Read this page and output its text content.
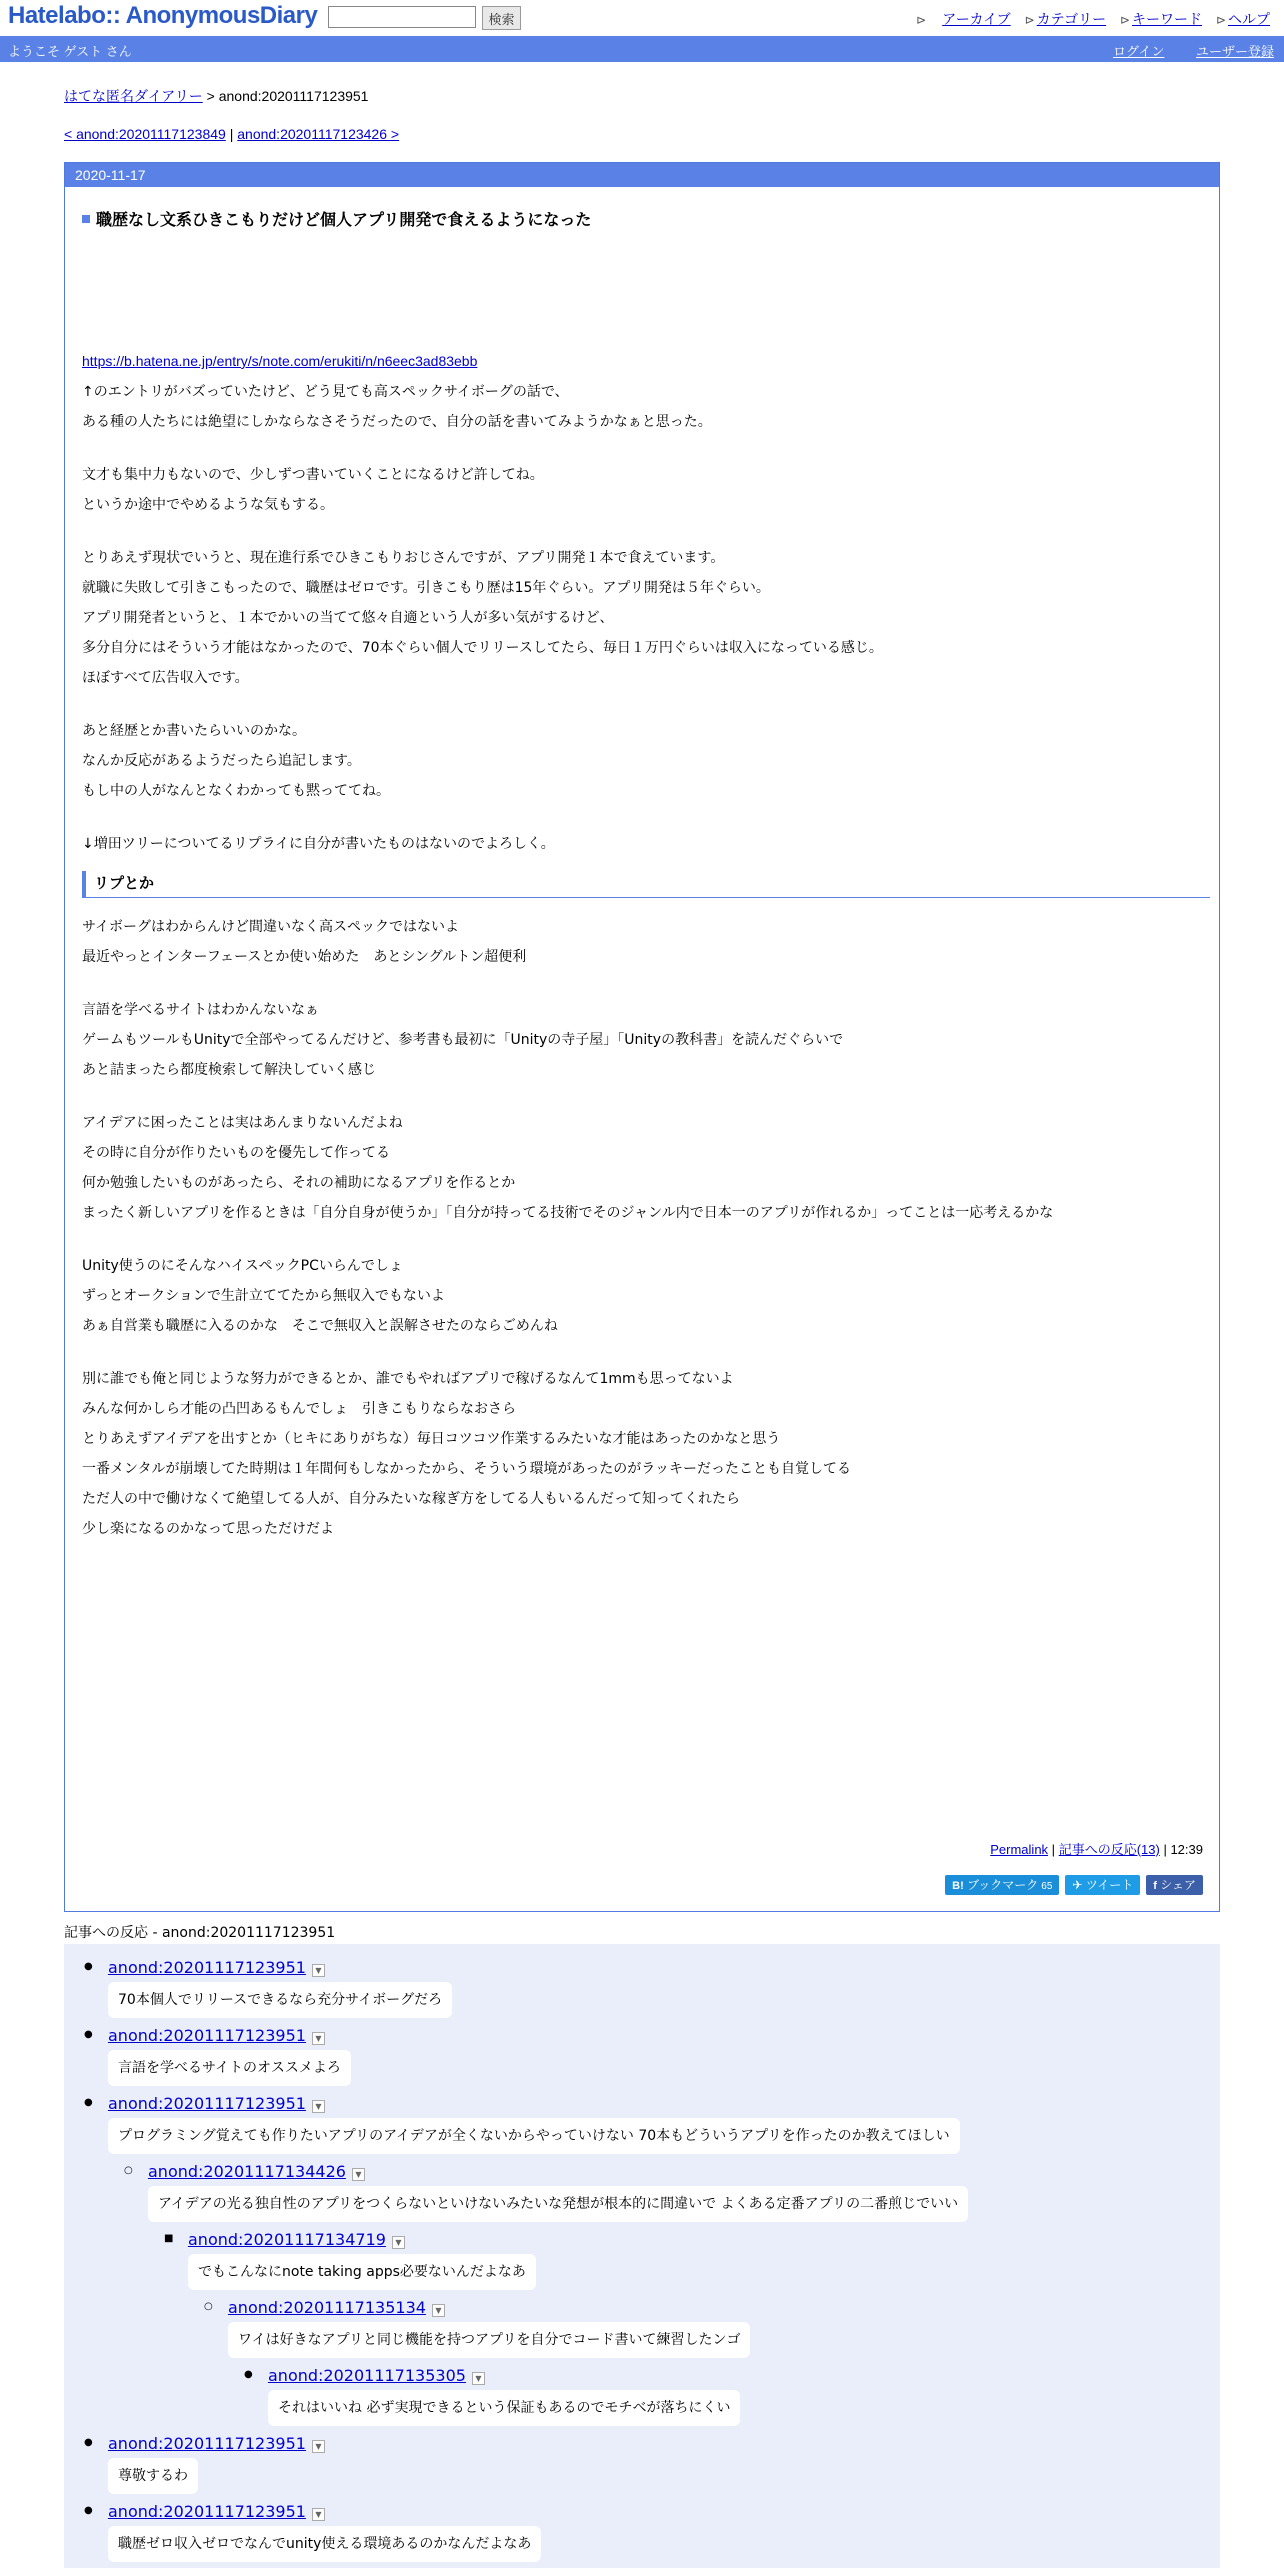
Hatelabo:: AnonymousDiary	検索	⊳ アーカイブ ⊳ カテゴリー ⊳ キーワード ⊳ ヘルプ
ようこそ ゲスト さん	ログイン ユーザー登録
はてな匿名ダイアリー > anond:20201117123951
< anond:20201117123849 | anond:20201117123426 >
2020-11-17
職歴なし文系ひきこもりだけど個人アプリ開発で食えるようになった
https://b.hatena.ne.jp/entry/s/note.com/erukiti/n/n6eec3ad83ebb

↑のエントリがバズっていたけど、どう見ても高スペックサイボーグの話で、

ある種の人たちには絶望にしかならなさそうだったので、自分の話を書いてみようかなぁと思った。

文才も集中力もないので、少しずつ書いていくことになるけど許してね。

というか途中でやめるような気もする。

とりあえず現状でいうと、現在進行系でひきこもりおじさんですが、アプリ開発１本で食えています。

就職に失敗して引きこもったので、職歴はゼロです。引きこもり歴は15年ぐらい。アプリ開発は５年ぐらい。

アプリ開発者というと、１本でかいの当てて悠々自適という人が多い気がするけど、

多分自分にはそういう才能はなかったので、70本ぐらい個人でリリースしてたら、毎日１万円ぐらいは収入になっている感じ。

ほぼすべて広告収入です。

あと経歴とか書いたらいいのかな。

なんか反応があるようだったら追記します。

もし中の人がなんとなくわかっても黙っててね。

↓増田ツリーについてるリプライに自分が書いたものはないのでよろしく。

リプとか

サイボーグはわからんけど間違いなく高スペックではないよ

最近やっとインターフェースとか使い始めた　あとシングルトン超便利

言語を学べるサイトはわかんないなぁ

ゲームもツールもUnityで全部やってるんだけど、参考書も最初に「Unityの寺子屋」「Unityの教科書」を読んだぐらいで

あと詰まったら都度検索して解決していく感じ

アイデアに困ったことは実はあんまりないんだよね

その時に自分が作りたいものを優先して作ってる

何か勉強したいものがあったら、それの補助になるアプリを作るとか

まったく新しいアプリを作るときは「自分自身が使うか」「自分が持ってる技術でそのジャンル内で日本一のアプリが作れるか」ってことは一応考えるかな

Unity使うのにそんなハイスペックPCいらんでしょ

ずっとオークションで生計立ててたから無収入でもないよ

あぁ自営業も職歴に入るのかな　そこで無収入と誤解させたのならごめんね

別に誰でも俺と同じような努力ができるとか、誰でもやればアプリで稼げるなんて1mmも思ってないよ

みんな何かしら才能の凸凹あるもんでしょ　引きこもりならなおさら

とりあえずアイデアを出すとか（ヒキにありがちな）毎日コツコツ作業するみたいな才能はあったのかなと思う

一番メンタルが崩壊してた時期は１年間何もしなかったから、そういう環境があったのがラッキーだったことも自覚してる

ただ人の中で働けなくて絶望してる人が、自分みたいな稼ぎ方をしてる人もいるんだって知ってくれたら

少し楽になるのかなって思っただけだよ

Permalink | 記事への反応(13) | 12:39
B! ブックマーク 65	✈ ツイート	f シェア
記事への反応 - anond:20201117123951
● anond:20201117123951 ▼
70本個人でリリースできるなら充分サイボーグだろ
● anond:20201117123951 ▼
言語を学べるサイトのオススメよろ
● anond:20201117123951 ▼
プログラミング覚えても作りたいアプリのアイデアが全くないからやっていけない 70本もどういうアプリを作ったのか教えてほしい
○ anond:20201117134426 ▼
アイデアの光る独自性のアプリをつくらないといけないみたいな発想が根本的に間違いで よくある定番アプリの二番煎じでいい
■ anond:20201117134719 ▼
でもこんなにnote taking apps必要ないんだよなあ
○ anond:20201117135134 ▼
ワイは好きなアプリと同じ機能を持つアプリを自分でコード書いて練習したンゴ
● anond:20201117135305 ▼
それはいいね 必ず実現できるという保証もあるのでモチベが落ちにくい
● anond:20201117123951 ▼
尊敬するわ
● anond:20201117123951 ▼
職歴ゼロ収入ゼロでなんでunity使える環境あるのかなんだよなあ
